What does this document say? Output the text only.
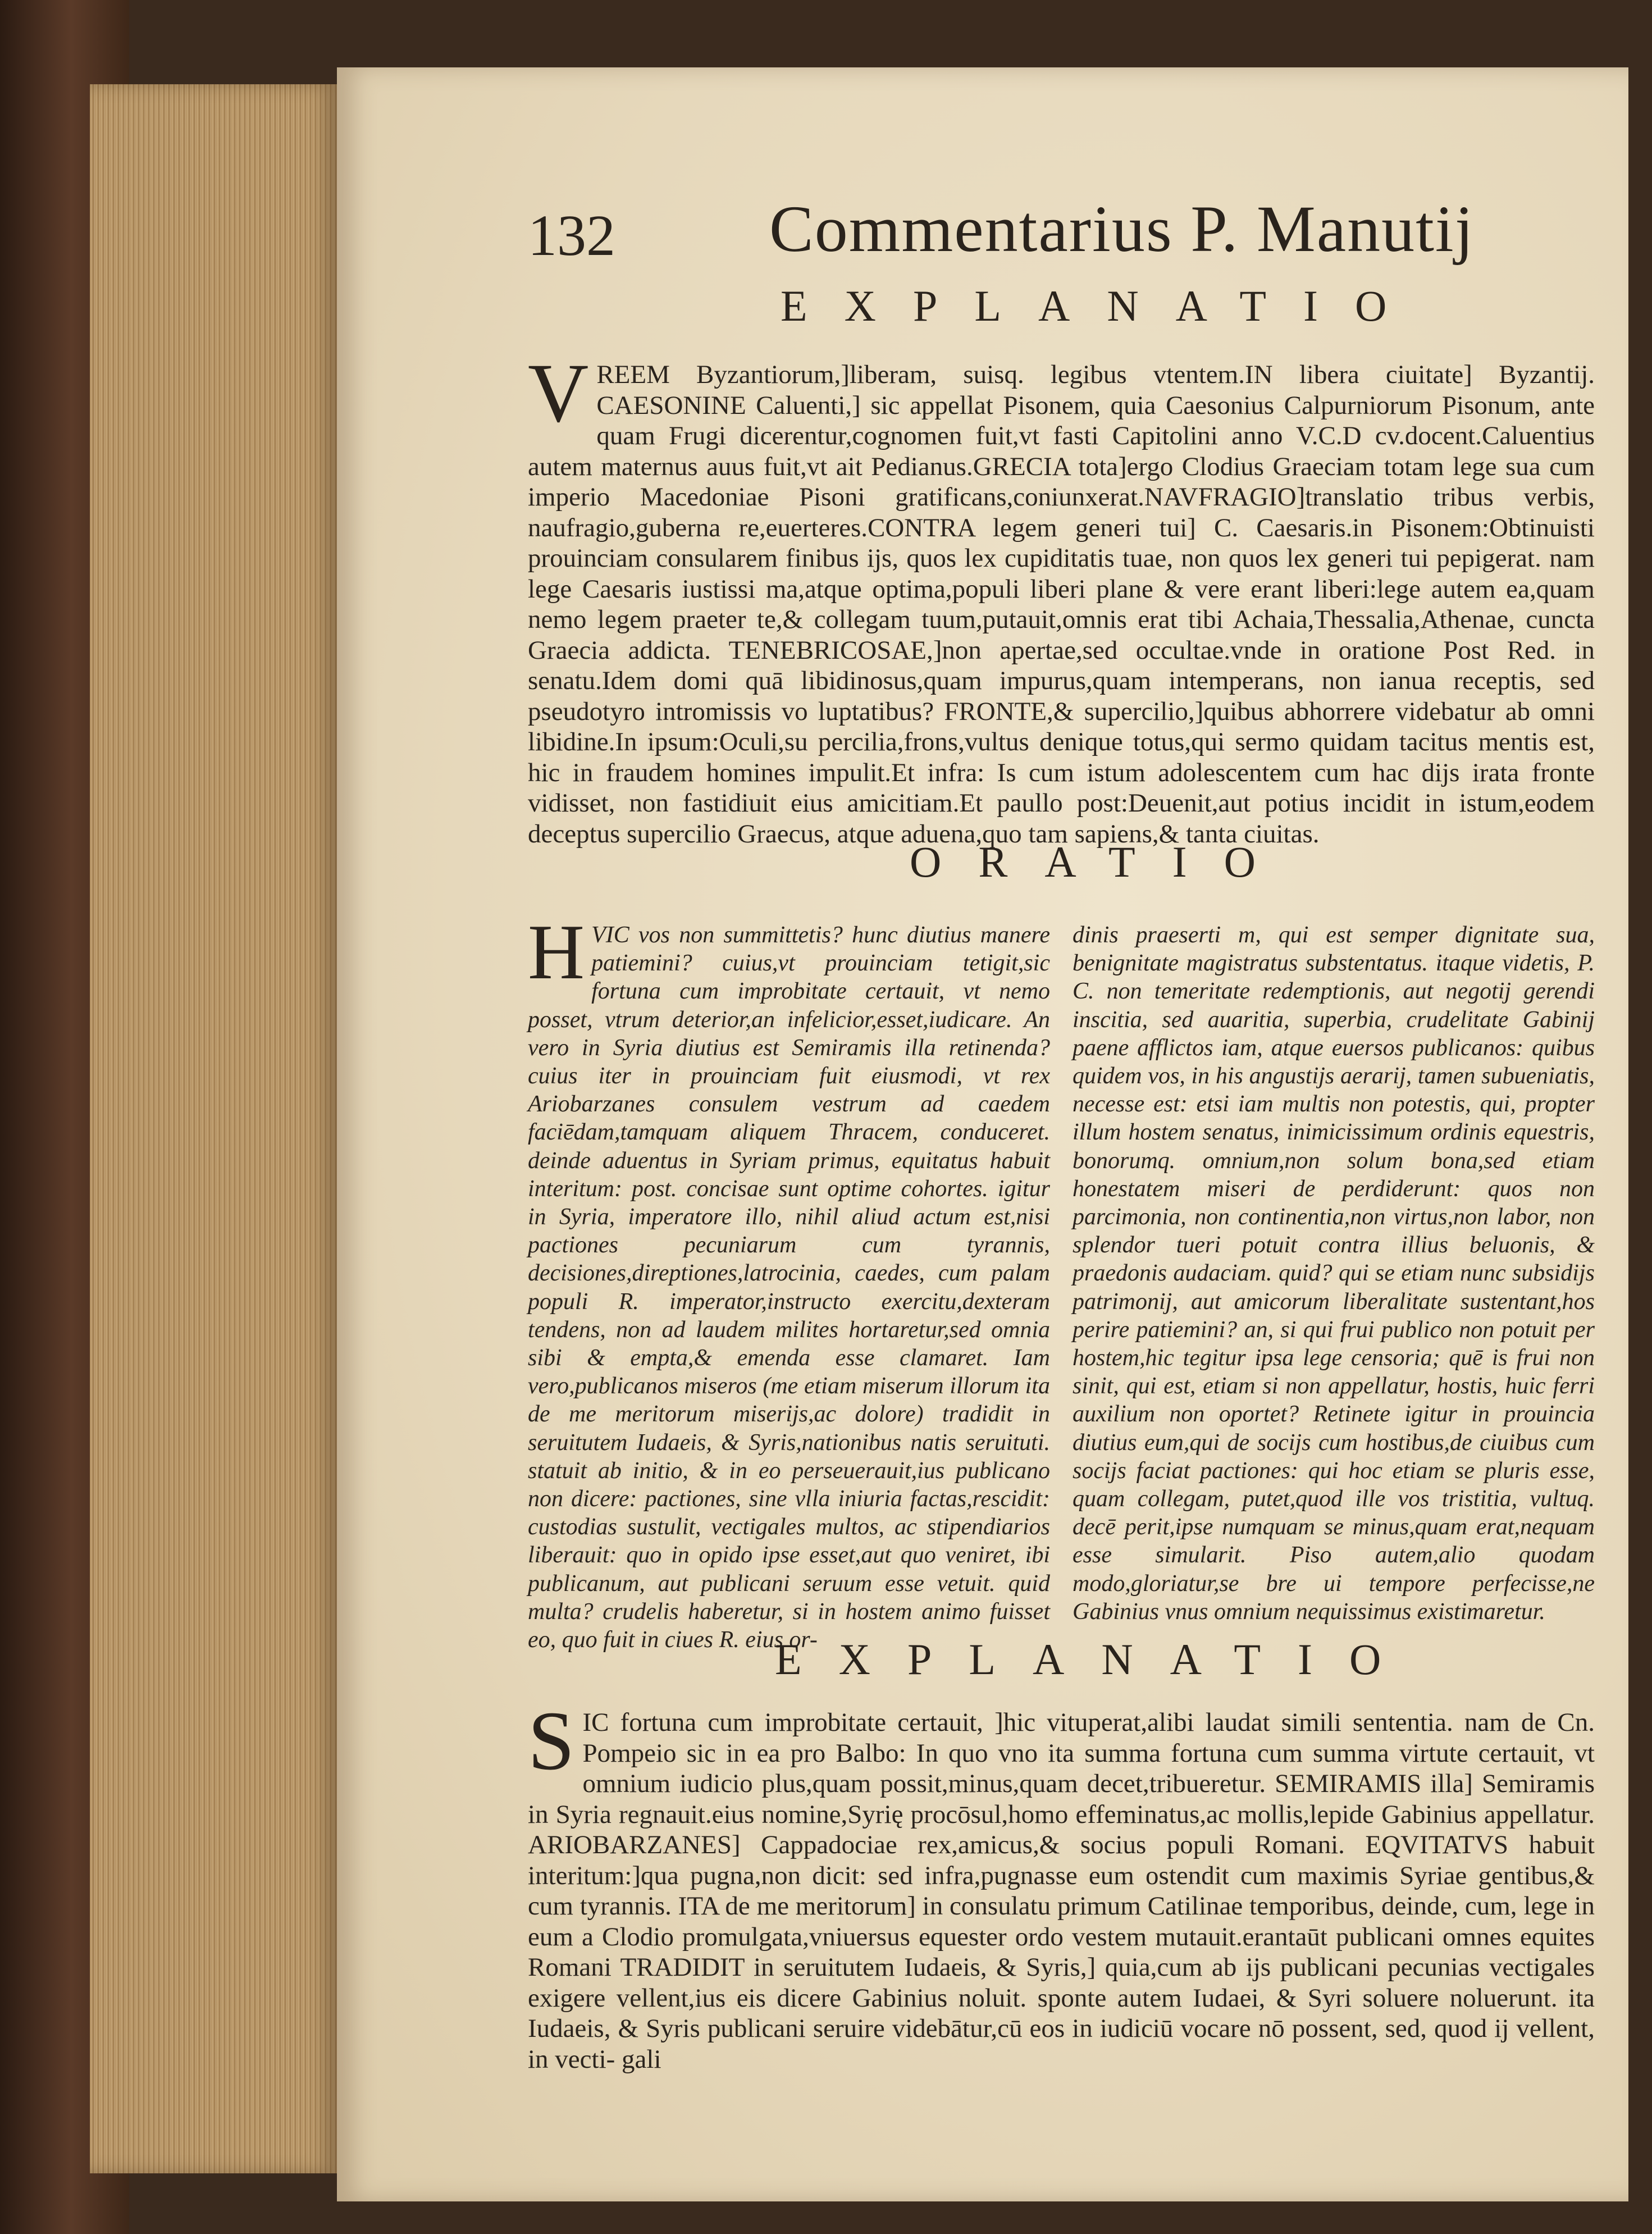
132 Commentarius P. Manutij
EXPLANATIO

VREEM Byzantiorum,]liberam, suisq. legibus vtentem.IN libera ciuitate] Byzantij. CAESONINE Caluenti,] sic appellat Pisonem, quia Caesonius Calpurniorum Pisonum, ante quam Frugi dicerentur,cognomen fuit,vt fasti Capitolini anno V.C.D cv.docent.Caluentius autem maternus auus fuit,vt ait Pedianus.GRECIA tota]ergo Clodius Graeciam totam lege sua cum imperio Macedoniae Pisoni gratificans,coniunxerat.NAVFRAGIO]translatio tribus verbis, naufragio,guberna re,euerteres.CONTRA legem generi tui] C. Caesaris.in Pisonem:Obtinuisti prouinciam consularem finibus ijs, quos lex cupiditatis tuae, non quos lex generi tui pepigerat. nam lege Caesaris iustissi ma,atque optima,populi liberi plane & vere erant liberi:lege autem ea,quam nemo legem praeter te,& collegam tuum,putauit,omnis erat tibi Achaia,Thessalia,Athenae, cuncta Graecia addicta. TENEBRICOSAE,]non apertae,sed occultae.vnde in oratione Post Red. in senatu.Idem domi quā libidinosus,quam impurus,quam intemperans, non ianua receptis, sed pseudotyro intromissis vo luptatibus? FRONTE,& supercilio,]quibus abhorrere videbatur ab omni libidine.In ipsum:Oculi,su percilia,frons,vultus denique totus,qui sermo quidam tacitus mentis est, hic in fraudem homines impulit.Et infra: Is cum istum adolescentem cum hac dijs irata fronte vidisset, non fastidiuit eius amicitiam.Et paullo post:Deuenit,aut potius incidit in istum,eodem deceptus supercilio Graecus, atque aduena,quo tam sapiens,& tanta ciuitas.

ORATIO

HVIC vos non summittetis? hunc diutius manere patiemini? cuius,vt prouinciam tetigit,sic fortuna cum improbitate certauit, vt nemo posset, vtrum deterior,an infelicior,esset,iudicare. An vero in Syria diutius est Semiramis illa retinenda? cuius iter in prouinciam fuit eiusmodi, vt rex Ariobarzanes consulem vestrum ad caedem faciēdam,tamquam aliquem Thracem, conduceret. deinde aduentus in Syriam primus, equitatus habuit interitum: post. concisae sunt optime cohortes. igitur in Syria, imperatore illo, nihil aliud actum est,nisi pactiones pecuniarum cum tyrannis, decisiones,direptiones,latrocinia, caedes, cum palam populi R. imperator,instructo exercitu,dexteram tendens, non ad laudem milites hortaretur,sed omnia sibi & empta,& emenda esse clamaret. Iam vero,publicanos miseros (me etiam miserum illorum ita de me meritorum miserijs,ac dolore) tradidit in seruitutem Iudaeis, & Syris,nationibus natis seruituti. statuit ab initio, & in eo perseuerauit,ius publicano non dicere: pactiones, sine vlla iniuria factas,rescidit: custodias sustulit, vectigales multos, ac stipendiarios liberauit: quo in opido ipse esset,aut quo veniret, ibi publicanum, aut publicani seruum esse vetuit. quid multa? crudelis haberetur, si in hostem animo fuisset eo, quo fuit in ciues R. eius or-

dinis praeserti m, qui est semper dignitate sua, benignitate magistratus substentatus. itaque videtis, P. C. non temeritate redemptionis, aut negotij gerendi inscitia, sed auaritia, superbia, crudelitate Gabinij paene afflictos iam, atque euersos publicanos: quibus quidem vos, in his angustijs aerarij, tamen subueniatis, necesse est: etsi iam multis non potestis, qui, propter illum hostem senatus, inimicissimum ordinis equestris, bonorumq. omnium,non solum bona,sed etiam honestatem miseri de perdiderunt: quos non parcimonia, non continentia,non virtus,non labor, non splendor tueri potuit contra illius beluonis, & praedonis audaciam. quid? qui se etiam nunc subsidijs patrimonij, aut amicorum liberalitate sustentant,hos perire patiemini? an, si qui frui publico non potuit per hostem,hic tegitur ipsa lege censoria; quē is frui non sinit, qui est, etiam si non appellatur, hostis, huic ferri auxilium non oportet? Retinete igitur in prouincia diutius eum,qui de socijs cum hostibus,de ciuibus cum socijs faciat pactiones: qui hoc etiam se pluris esse, quam collegam, putet,quod ille vos tristitia, vultuq. decē perit,ipse numquam se minus,quam erat,nequam esse simularit. Piso autem,alio quodam modo,gloriatur,se bre ui tempore perfecisse,ne Gabinius vnus omnium nequissimus existimaretur.

EXPLANATIO

SIC fortuna cum improbitate certauit, ]hic vituperat,alibi laudat simili sententia. nam de Cn. Pompeio sic in ea pro Balbo: In quo vno ita summa fortuna cum summa virtute certauit, vt omnium iudicio plus,quam possit,minus,quam decet,tribueretur. SEMIRAMIS illa] Semiramis in Syria regnauit.eius nomine,Syrię procōsul,homo effeminatus,ac mollis,lepide Gabinius appellatur. ARIOBARZANES] Cappadociae rex,amicus,& socius populi Romani. EQVITATVS habuit interitum:]qua pugna,non dicit: sed infra,pugnasse eum ostendit cum maximis Syriae gentibus,& cum tyrannis. ITA de me meritorum] in consulatu primum Catilinae temporibus, deinde, cum, lege in eum a Clodio promulgata,vniuersus equester ordo vestem mutauit.erantaūt publicani omnes equites Romani TRADIDIT in seruitutem Iudaeis, & Syris,] quia,cum ab ijs publicani pecunias vectigales exigere vellent,ius eis dicere Gabinius noluit. sponte autem Iudaei, & Syri soluere noluerunt. ita Iudaeis, & Syris publicani seruire videbātur,cū eos in iudiciū vocare nō possent, sed, quod ij vellent, in vecti- gali
